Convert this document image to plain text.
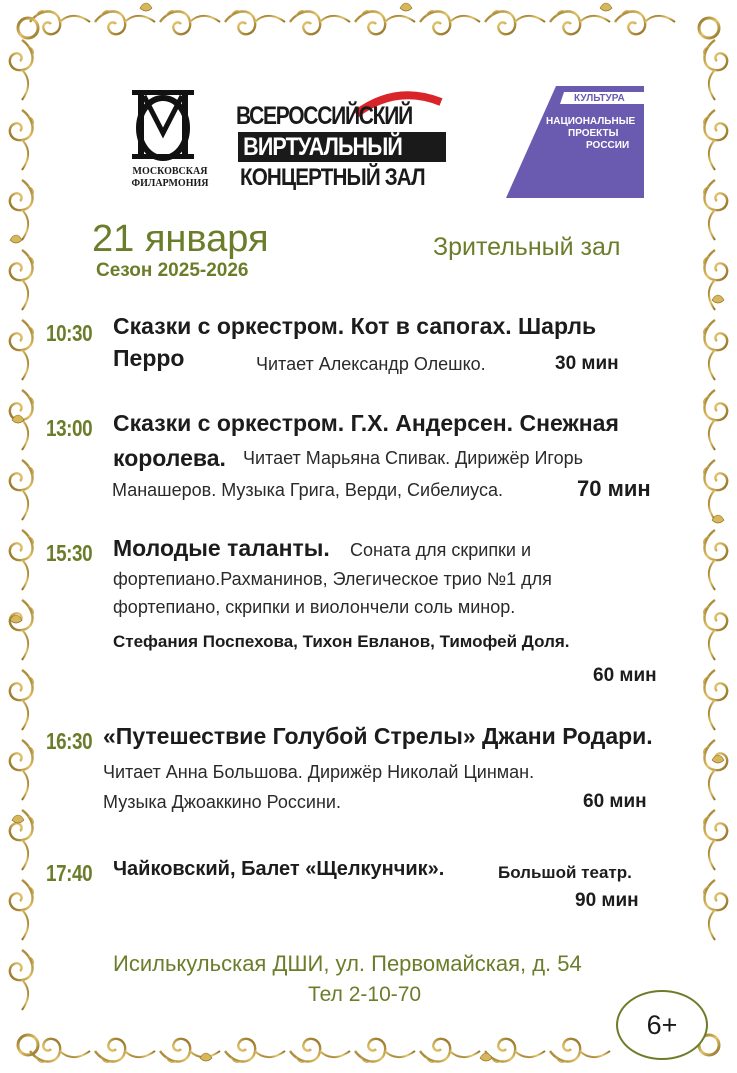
МОСКОВСКАЯ ФИЛАРМОНИЯ
ВСЕРОССИЙСКИЙ
ВИРТУАЛЬНЫЙ
КОНЦЕРТНЫЙ ЗАЛ
КУЛЬТУРА
НАЦИОНАЛЬНЫЕ
ПРОЕКТЫ
РОССИИ
21 января
Сезон 2025-2026
Зрительный зал
10:30 Сказки с оркестром. Кот в сапогах. Шарль
Перро	Читает Александр Олешко.	30 мин
13:00 Сказки с оркестром. Г.Х. Андерсен. Снежная
королева. Читает Марьяна Спивак. Дирижёр Игорь
Манашеров. Музыка Грига, Верди, Сибелиуса.	70 мин
15:30 Молодые таланты. Соната для скрипки и
фортепиано.Рахманинов, Элегическое трио №1 для
фортепиано, скрипки и виолончели соль минор.
Стефания Поспехова, Тихон Евланов, Тимофей Доля.
60 мин
16:30 «Путешествие Голубой Стрелы» Джани Родари.
Читает Анна Большова. Дирижёр Николай Цинман.
Музыка Джоаккино Россини.	60 мин
17:40 Чайковский, Балет «Щелкунчик».	Большой театр.
90 мин
Исилькульская ДШИ, ул. Первомайская, д. 54
Тел 2-10-70
6+
